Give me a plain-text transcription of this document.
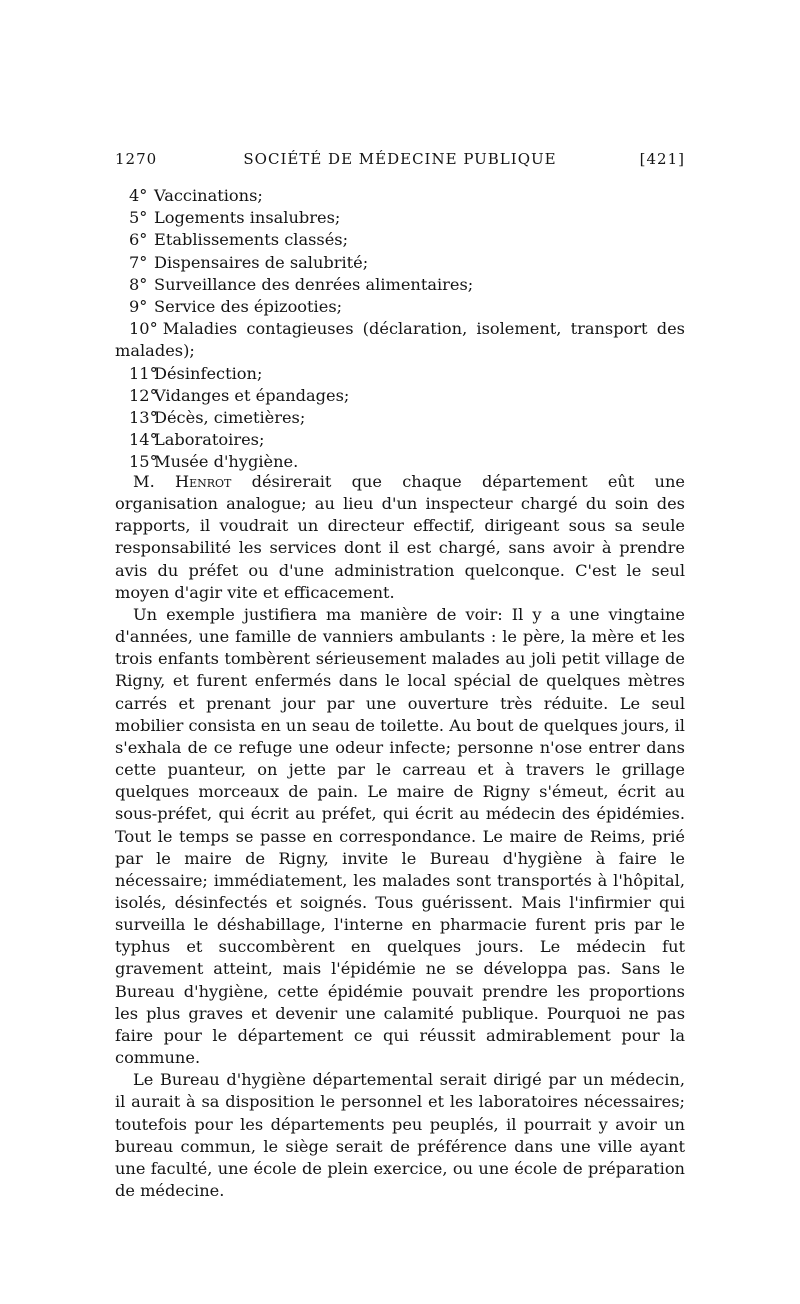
1270	SOCIÉTÉ DE MÉDECINE PUBLIQUE	[421]
4° Vaccinations;
5° Logements insalubres;
6° Etablissements classés;
7° Dispensaires de salubrité;
8° Surveillance des denrées alimentaires;
9° Service des épizooties;
10° Maladies contagieuses (déclaration, isolement, transport des malades);
11°Désinfection;
12°Vidanges et épandages;
13°Décès, cimetières;
14°Laboratoires;
15°Musée d'hygiène.

M. Henrot désirerait que chaque département eût une organisation analogue; au lieu d'un inspecteur chargé du soin des rapports, il voudrait un directeur effectif, dirigeant sous sa seule responsabilité les services dont il est chargé, sans avoir à prendre avis du préfet ou d'une administration quelconque. C'est le seul moyen d'agir vite et efficacement.

Un exemple justifiera ma manière de voir: Il y a une vingtaine d'années, une famille de vanniers ambulants : le père, la mère et les trois enfants tombèrent sérieusement malades au joli petit village de Rigny, et furent enfermés dans le local spécial de quelques mètres carrés et prenant jour par une ouverture très réduite. Le seul mobilier consista en un seau de toilette. Au bout de quelques jours, il s'exhala de ce refuge une odeur infecte; personne n'ose entrer dans cette puanteur, on jette par le carreau et à travers le grillage quelques morceaux de pain. Le maire de Rigny s'émeut, écrit au sous-préfet, qui écrit au préfet, qui écrit au médecin des épidémies. Tout le temps se passe en correspondance. Le maire de Reims, prié par le maire de Rigny, invite le Bureau d'hygiène à faire le nécessaire; immédiatement, les malades sont transportés à l'hôpital, isolés, désinfectés et soignés. Tous guérissent. Mais l'infirmier qui surveilla le déshabillage, l'interne en pharmacie furent pris par le typhus et succombèrent en quelques jours. Le médecin fut gravement atteint, mais l'épidémie ne se développa pas. Sans le Bureau d'hygiène, cette épidémie pouvait prendre les proportions les plus graves et devenir une calamité publique. Pourquoi ne pas faire pour le département ce qui réussit admirablement pour la commune.

Le Bureau d'hygiène départemental serait dirigé par un médecin, il aurait à sa disposition le personnel et les laboratoires nécessaires; toutefois pour les départements peu peuplés, il pourrait y avoir un bureau commun, le siège serait de préférence dans une ville ayant une faculté, une école de plein exercice, ou une école de préparation de médecine.
